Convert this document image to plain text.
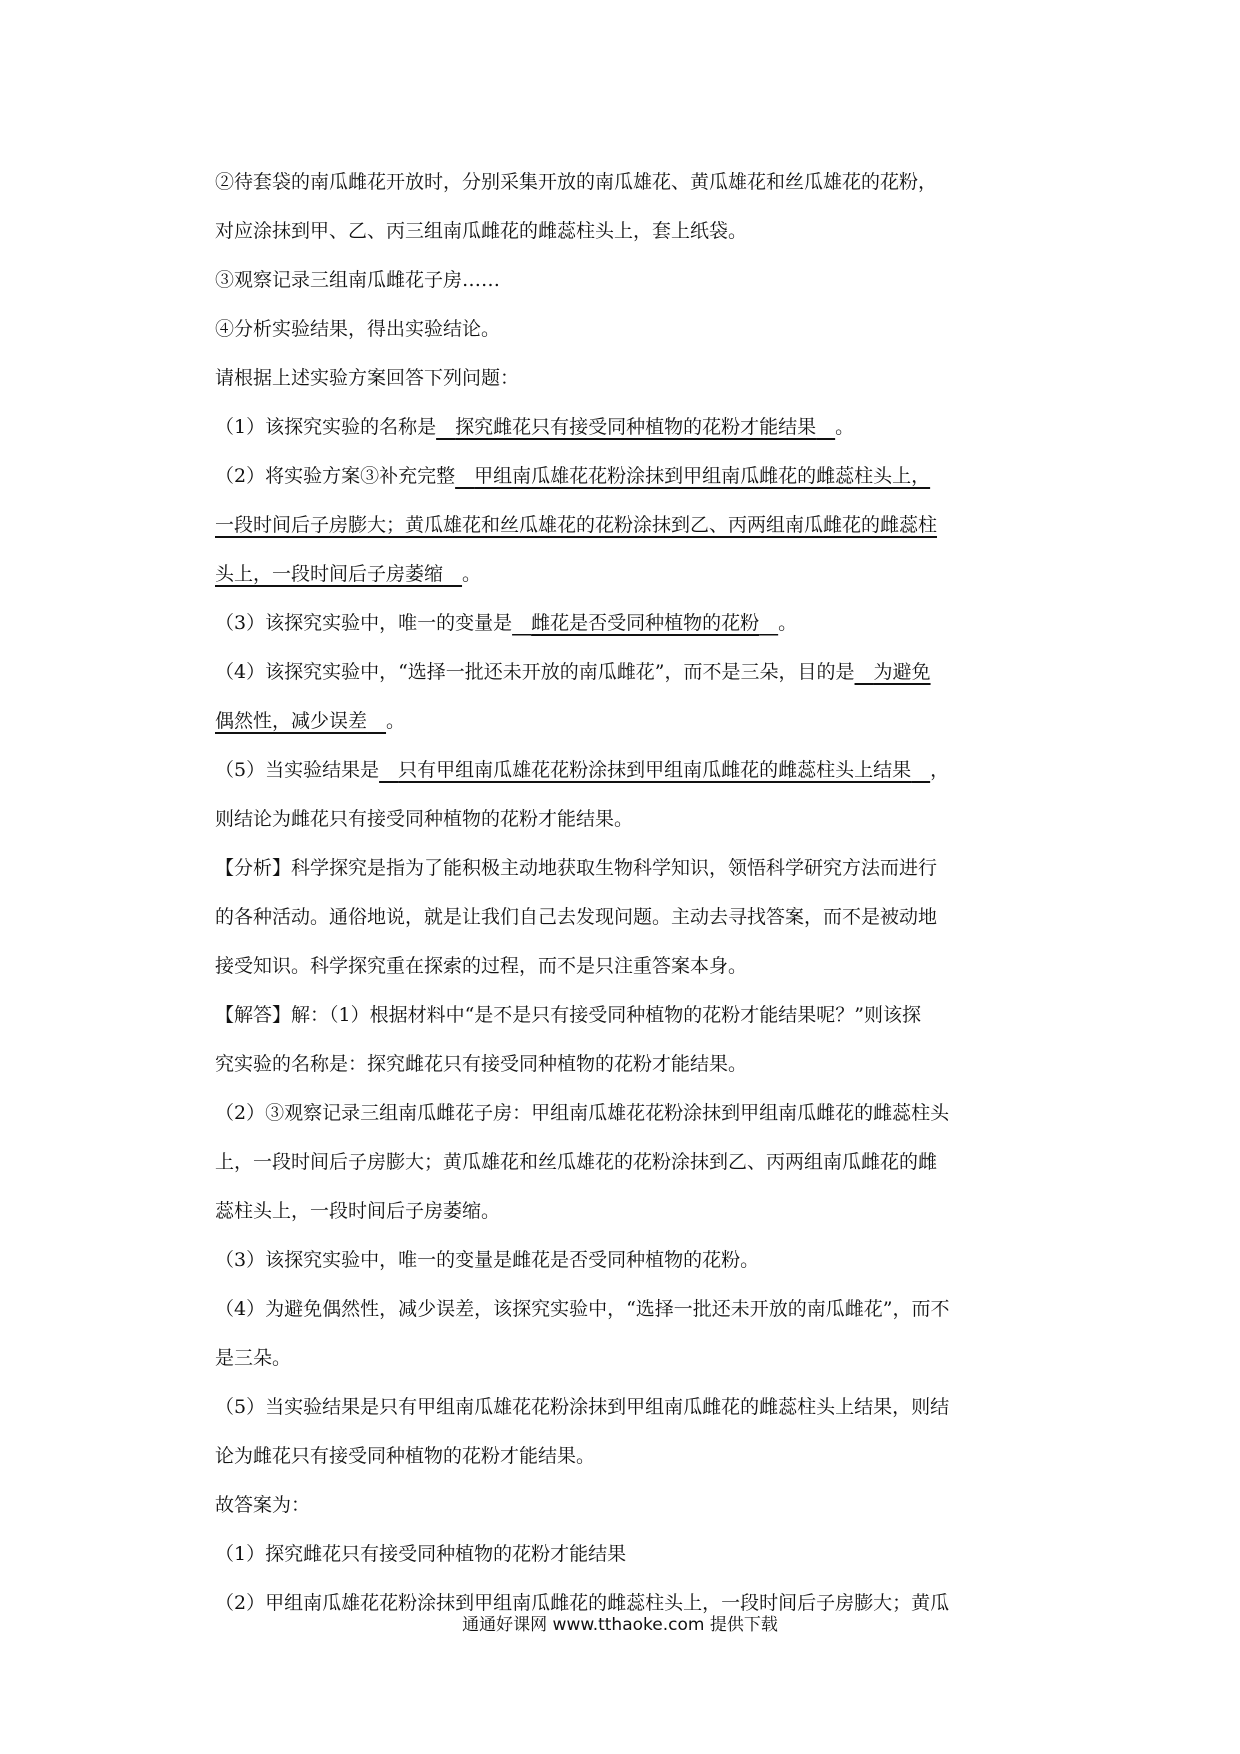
②待套袋的南瓜雌花开放时，分别采集开放的南瓜雄花、黄瓜雄花和丝瓜雄花的花粉，
对应涂抹到甲、乙、丙三组南瓜雌花的雌蕊柱头上，套上纸袋。
③观察记录三组南瓜雌花子房……
④分析实验结果，得出实验结论。
请根据上述实验方案回答下列问题：
（1）该探究实验的名称是　 探究雌花只有接受同种植物的花粉才能结果　 。
（2）将实验方案③补充完整　 甲组南瓜雄花花粉涂抹到甲组南瓜雌花的雌蕊柱头上，
一段时间后子房膨大；黄瓜雄花和丝瓜雄花的花粉涂抹到乙、丙两组南瓜雌花的雌蕊柱
头上，一段时间后子房萎缩　 。
（3）该探究实验中，唯一的变量是　 雌花是否受同种植物的花粉　 。
（4）该探究实验中，“选择一批还未开放的南瓜雌花”，而不是三朵，目的是　 为避免
偶然性，减少误差　 。
（5）当实验结果是　 只有甲组南瓜雄花花粉涂抹到甲组南瓜雌花的雌蕊柱头上结果　 ，
则结论为雌花只有接受同种植物的花粉才能结果。
【分析】科学探究是指为了能积极主动地获取生物科学知识，领悟科学研究方法而进行
的各种活动。通俗地说，就是让我们自己去发现问题。主动去寻找答案，而不是被动地
接受知识。科学探究重在探索的过程，而不是只注重答案本身。
【解答】解：（1）根据材料中“是不是只有接受同种植物的花粉才能结果呢？”则该探
究实验的名称是：探究雌花只有接受同种植物的花粉才能结果。
（2）③观察记录三组南瓜雌花子房：甲组南瓜雄花花粉涂抹到甲组南瓜雌花的雌蕊柱头
上，一段时间后子房膨大；黄瓜雄花和丝瓜雄花的花粉涂抹到乙、丙两组南瓜雌花的雌
蕊柱头上，一段时间后子房萎缩。
（3）该探究实验中，唯一的变量是雌花是否受同种植物的花粉。
（4）为避免偶然性，减少误差，该探究实验中，“选择一批还未开放的南瓜雌花”，而不
是三朵。
（5）当实验结果是只有甲组南瓜雄花花粉涂抹到甲组南瓜雌花的雌蕊柱头上结果，则结
论为雌花只有接受同种植物的花粉才能结果。
故答案为：
（1）探究雌花只有接受同种植物的花粉才能结果
（2）甲组南瓜雄花花粉涂抹到甲组南瓜雌花的雌蕊柱头上，一段时间后子房膨大；黄瓜
通通好课网 www.tthaoke.com 提供下载
